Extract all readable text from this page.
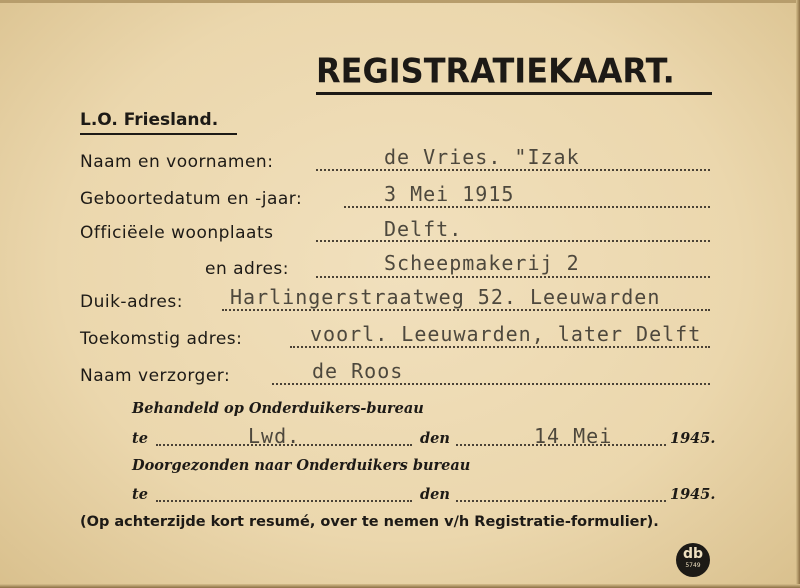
REGISTRATIEKAART.
L.O. Friesland.
Naam en voornamen:	de Vries. "Izak
Geboortedatum en -jaar:	3 Mei 1915
Officiëele woonplaats	Delft.
en adres:	Scheepmakerij 2
Duik-adres: Harlingerstraatweg 52. Leeuwarden
Toekomstig adres:	voorl. Leeuwarden, later Delft
Naam verzorger:	de Roos
Behandeld op Onderduikers-bureau
te	Lwd.	den	14 Mei	1945.
Doorgezonden naar Onderduikers bureau
te	den	1945.
(Op achterzijde kort resumé, over te nemen v/h Registratie-formulier).
db
5749
